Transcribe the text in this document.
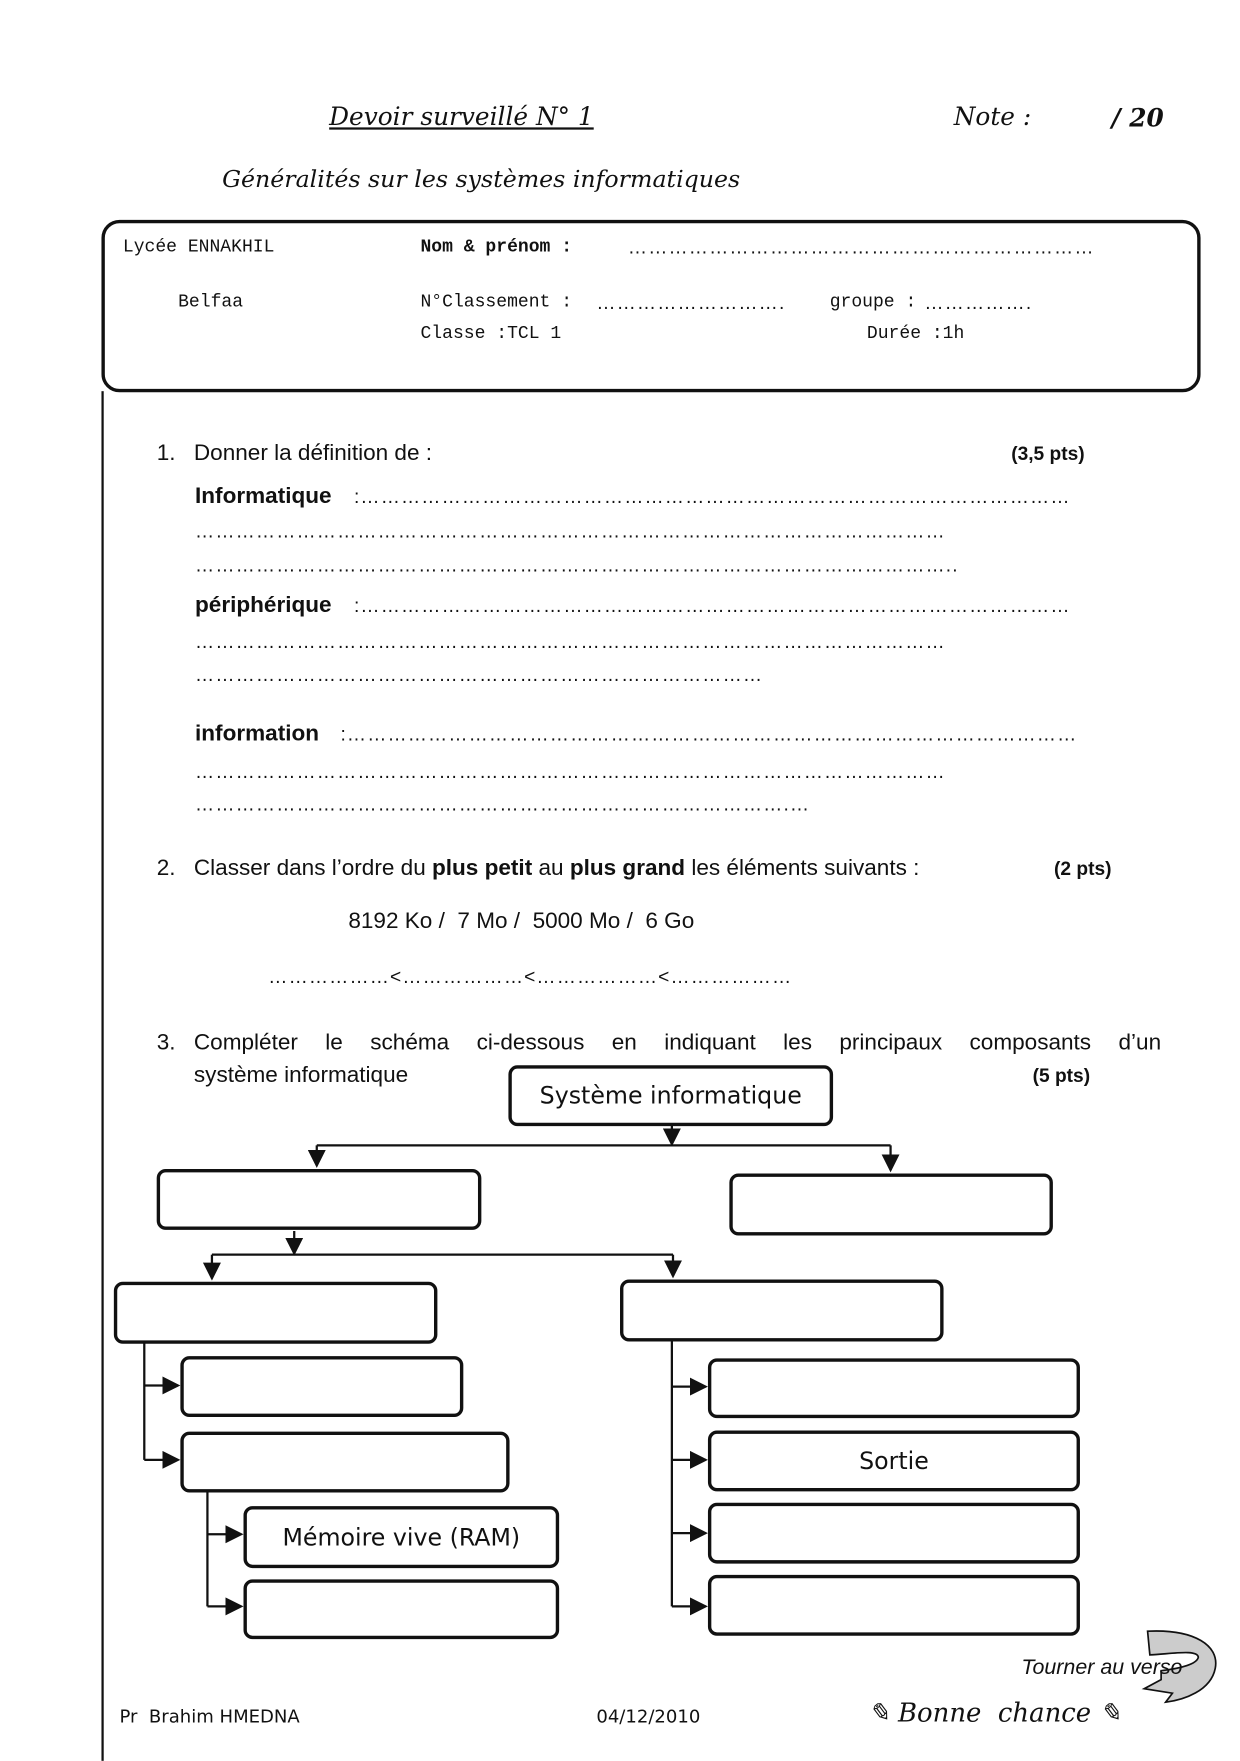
Devoir surveillé N° 1	Note :	/ 20
Généralités sur les systèmes informatiques
Lycée ENNAKHIL	Nom & prénom :	……………………………………………………………
Belfaa	N°Classement : ……………………….	groupe : …………….
Classe :TCL 1	Durée :1h
1. Donner la définition de :	(3,5 pts)
Informatique :……………………………………………………………………………………………
…………………………………………………………………………………………………
…………………………………………………………………………………………………..
périphérique :……………………………………………………………………………………………
…………………………………………………………………………………………………
…………………………………………………………………………
information :………………………………………………………………………………………………
…………………………………………………………………………………………………
…………………………………………………………………………….…
2. Classer dans l’ordre du plus petit au plus grand les éléments suivants :	(2 pts)
8192 Ko /  7 Mo /  5000 Mo /  6 Go
………………<………………<………………<………………
3. Compléter le schéma ci-dessous en indiquant les principaux composants d’un
système informatique	(5 pts)
Système informatique
Mémoire vive (RAM)
Sortie
Tourner au verso
Pr  Brahim HMEDNA	04/12/2010	✎ Bonne  chance ✎
